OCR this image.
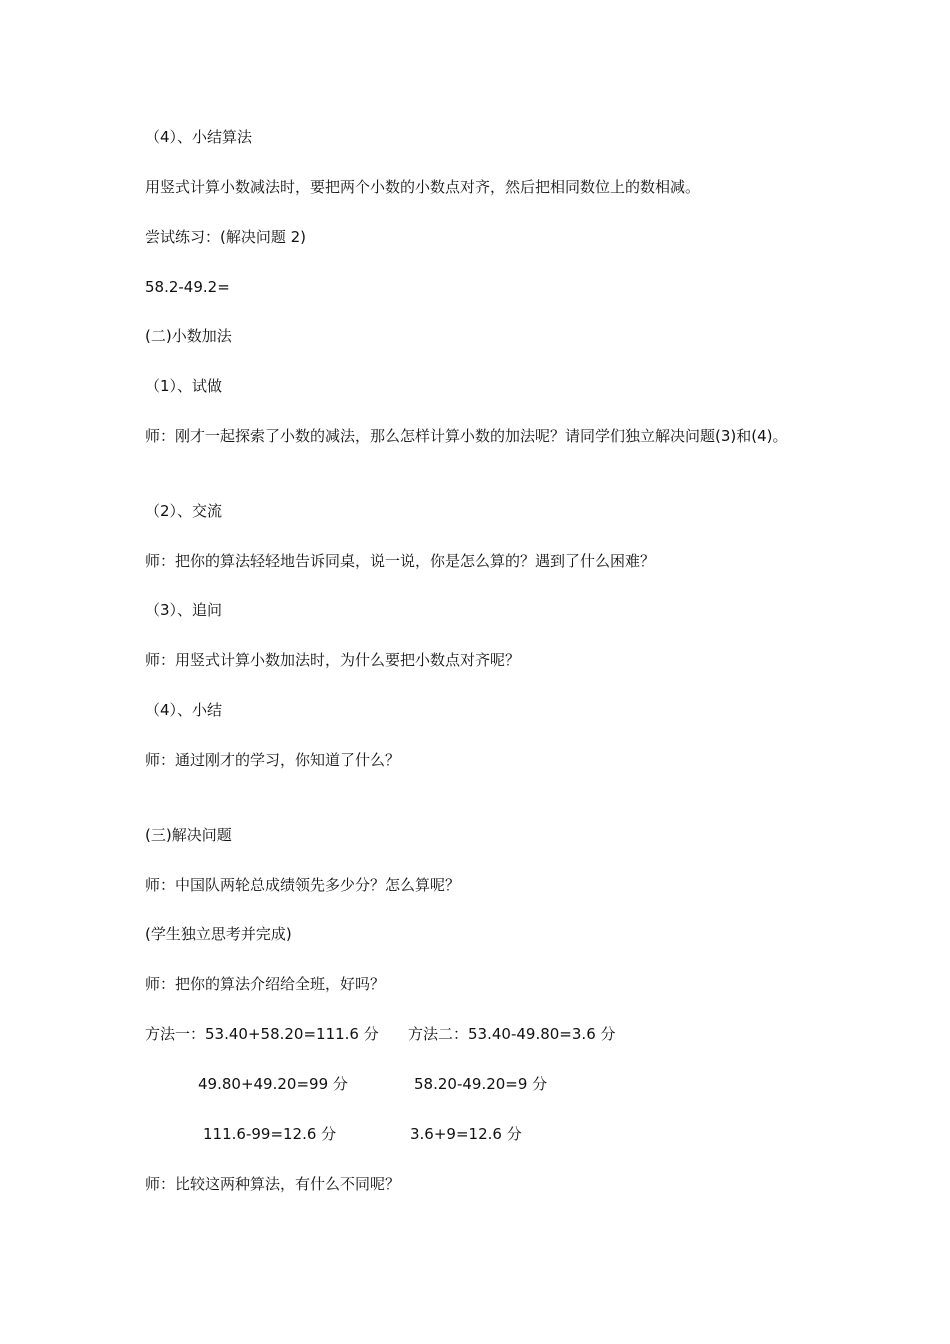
（4）、小结算法
用竖式计算小数减法时，要把两个小数的小数点对齐，然后把相同数位上的数相减。
尝试练习：(解决问题 2)
58.2-49.2=
(二)小数加法
（1）、试做
师：刚才一起探索了小数的减法，那么怎样计算小数的加法呢？请同学们独立解决问题(3)和(4)。
（2）、交流
师：把你的算法轻轻地告诉同桌，说一说，你是怎么算的？遇到了什么困难？
（3）、追问
师：用竖式计算小数加法时，为什么要把小数点对齐呢？
（4）、小结
师：通过刚才的学习，你知道了什么？
(三)解决问题
师：中国队两轮总成绩领先多少分？怎么算呢？
(学生独立思考并完成)
师：把你的算法介绍给全班，好吗？
方法一：53.40+58.20=111.6 分
49.80+49.20=99 分
111.6-99=12.6 分
方法二：53.40-49.80=3.6 分
58.20-49.20=9 分
3.6+9=12.6 分
师：比较这两种算法，有什么不同呢？
